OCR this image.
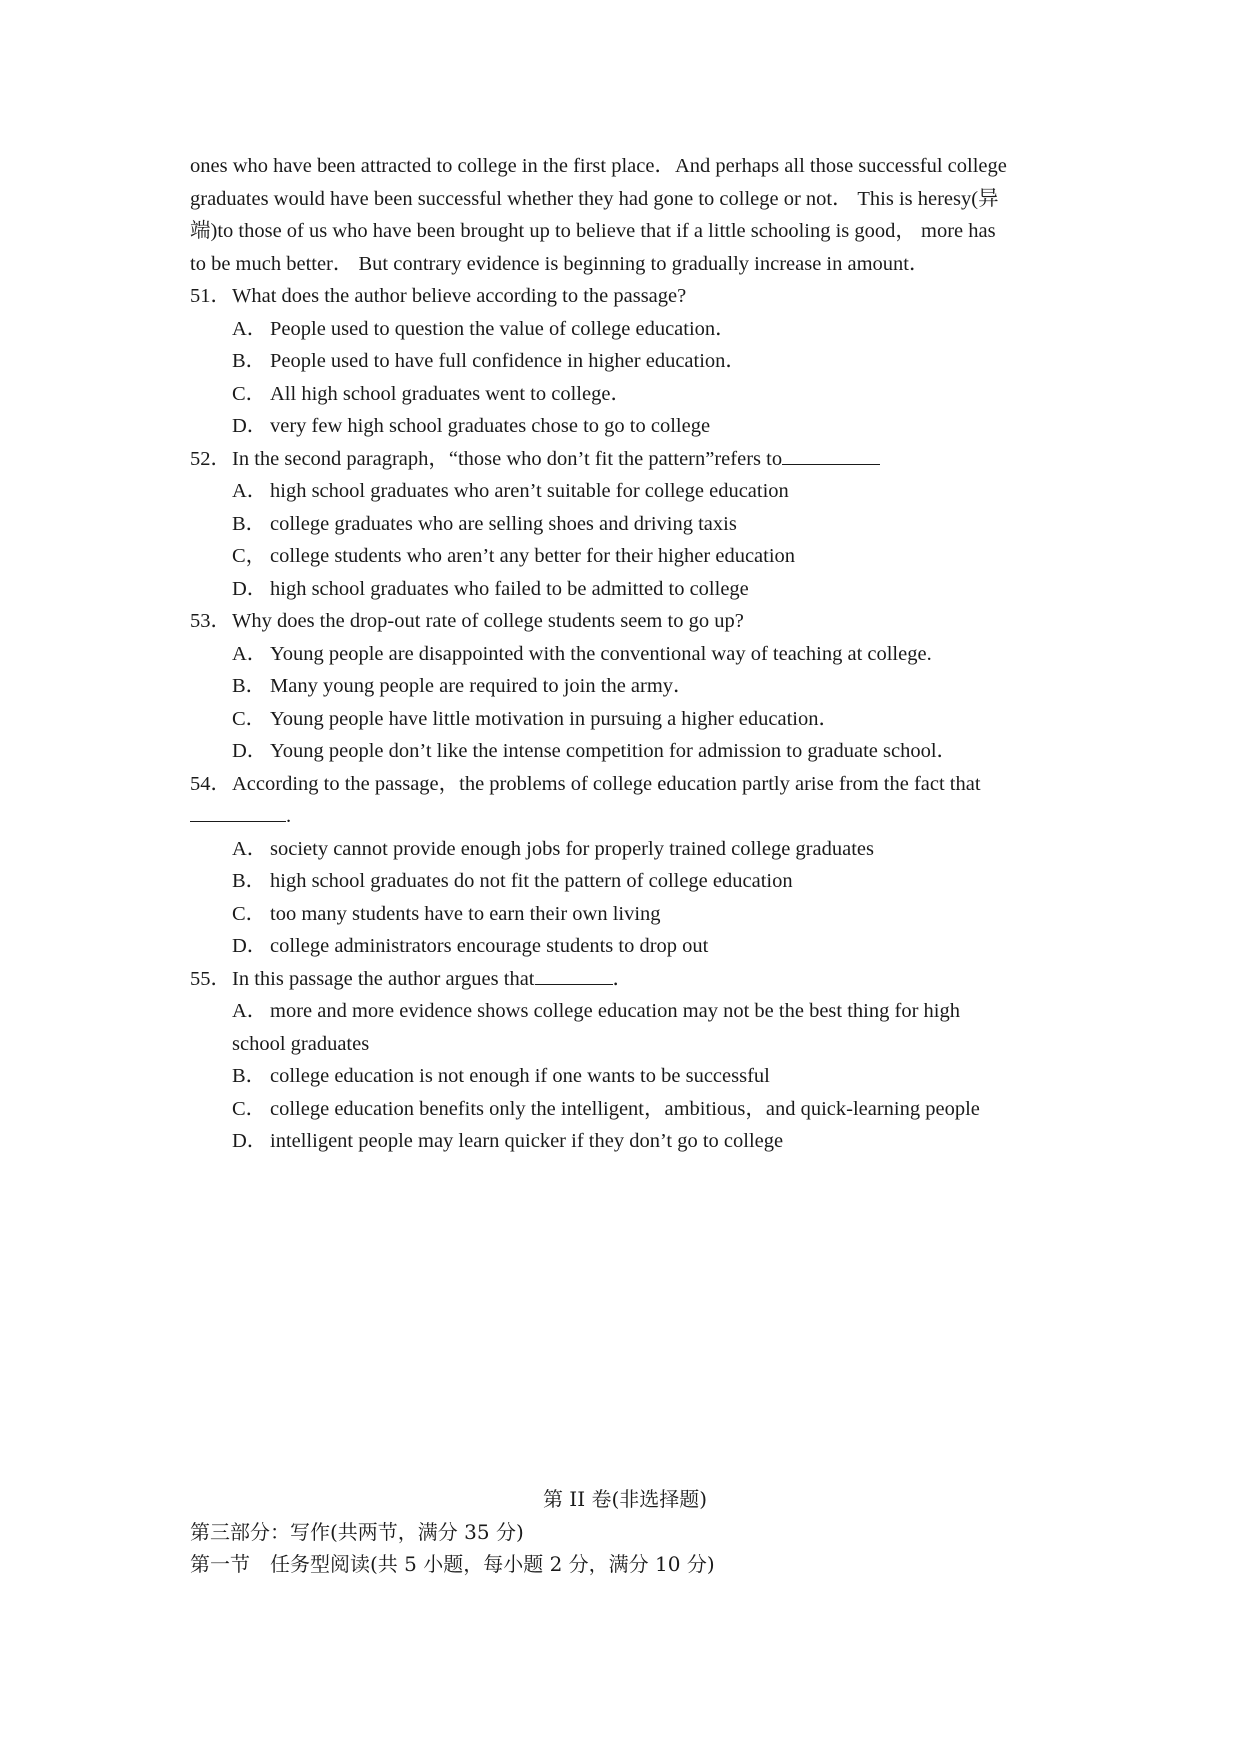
ones who have been attracted to college in the first place．And perhaps all those successful college
graduates would have been successful whether they had gone to college or not． This is heresy(异
端)to those of us who have been brought up to believe that if a little schooling is good， more has
to be much better． But contrary evidence is beginning to gradually increase in amount．
51．What does the author believe according to the passage?
A． People used to question the value of college education．
B． People used to have full confidence in higher education．
C． All high school graduates went to college．
D． very few high school graduates chose to go to college
52．In the second paragraph，“those who don’t fit the pattern”refers to
A． high school graduates who aren’t suitable for college education
B． college graduates who are selling shoes and driving taxis
C， college students who aren’t any better for their higher education
D． high school graduates who failed to be admitted to college
53．Why does the drop-out rate of college students seem to go up?
A． Young people are disappointed with the conventional way of teaching at college.
B． Many young people are required to join the army．
C． Young people have little motivation in pursuing a higher education．
D． Young people don’t like the intense competition for admission to graduate school．
54．According to the passage，the problems of college education partly arise from the fact that
.
A． society cannot provide enough jobs for properly trained college graduates
B． high school graduates do not fit the pattern of college education
C． too many students have to earn their own living
D． college administrators encourage students to drop out
55．In this passage the author argues that	．
A． more and more evidence shows college education may not be the best thing for high
school graduates
B． college education is not enough if one wants to be successful
C． college education benefits only the intelligent，ambitious，and quick-learning people
D． intelligent people may learn quicker if they don’t go to college
第 II 卷(非选择题)
第三部分：写作(共两节，满分 35 分)
第一节　任务型阅读(共 5 小题，每小题 2 分，满分 10 分)
